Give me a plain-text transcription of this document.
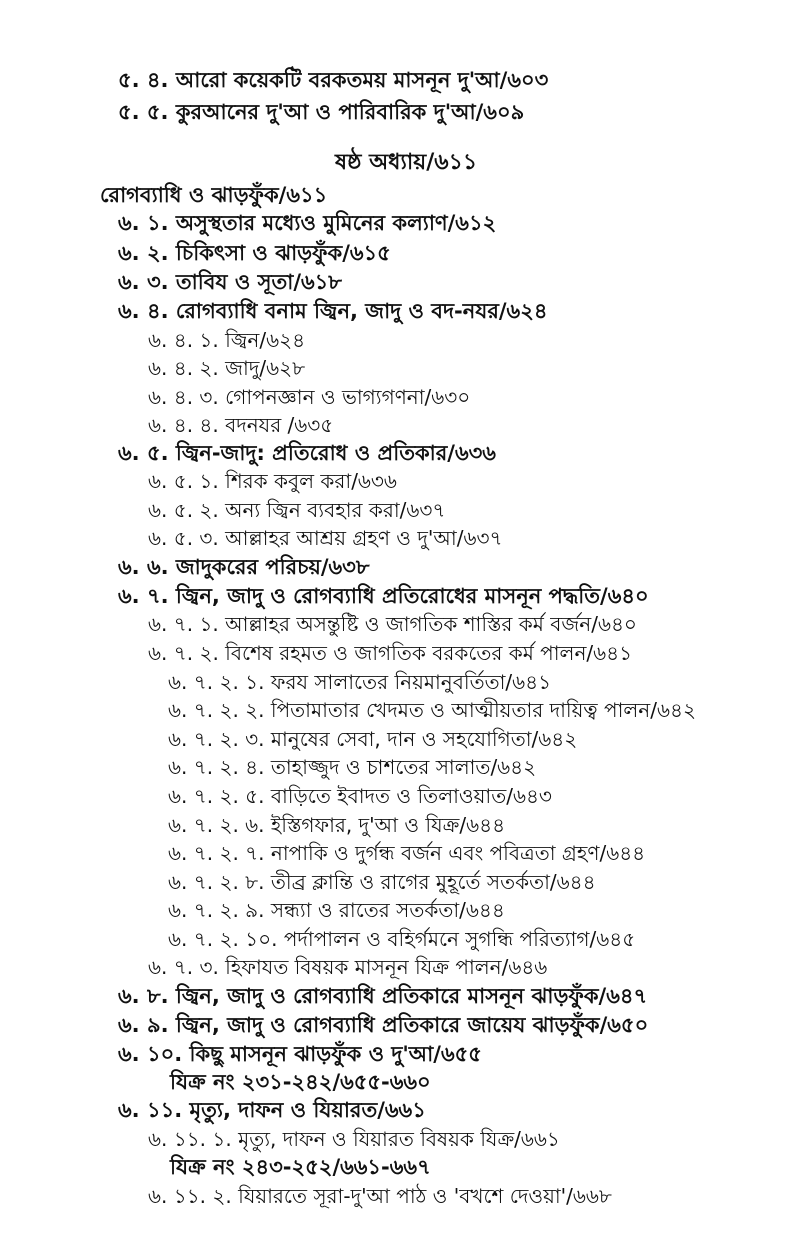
৫. ৪. আরো কয়েকটি বরকতময় মাসনূন দু'আ/৬০৩
৫. ৫. কুরআনের দু'আ ও পারিবারিক দু'আ/৬০৯
ষষ্ঠ অধ্যায়/৬১১
রোগব্যাধি ও ঝাড়ফুঁক/৬১১
৬. ১. অসুস্থতার মধ্যেও মুমিনের কল্যাণ/৬১২
৬. ২. চিকিৎসা ও ঝাড়ফুঁক/৬১৫
৬. ৩. তাবিয ও সূতা/৬১৮
৬. ৪. রোগব্যাধি বনাম জ্বিন, জাদু ও বদ-নযর/৬২৪
৬. ৪. ১. জ্বিন/৬২৪
৬. ৪. ২. জাদু/৬২৮
৬. ৪. ৩. গোপনজ্ঞান ও ভাগ্যগণনা/৬৩০
৬. ৪. ৪. বদনযর /৬৩৫
৬. ৫. জ্বিন-জাদু: প্রতিরোধ ও প্রতিকার/৬৩৬
৬. ৫. ১. শিরক কবুল করা/৬৩৬
৬. ৫. ২. অন্য জ্বিন ব্যবহার করা/৬৩৭
৬. ৫. ৩. আল্লাহর আশ্রয় গ্রহণ ও দু'আ/৬৩৭
৬. ৬. জাদুকরের পরিচয়/৬৩৮
৬. ৭. জ্বিন, জাদু ও রোগব্যাধি প্রতিরোধের মাসনূন পদ্ধতি/৬৪০
৬. ৭. ১. আল্লাহর অসন্তুষ্টি ও জাগতিক শাস্তির কর্ম বর্জন/৬৪০
৬. ৭. ২. বিশেষ রহমত ও জাগতিক বরকতের কর্ম পালন/৬৪১
৬. ৭. ২. ১. ফরয সালাতের নিয়মানুবর্তিতা/৬৪১
৬. ৭. ২. ২. পিতামাতার খেদমত ও আত্মীয়তার দায়িত্ব পালন/৬৪২
৬. ৭. ২. ৩. মানুষের সেবা, দান ও সহযোগিতা/৬৪২
৬. ৭. ২. ৪. তাহাজ্জুদ ও চাশতের সালাত/৬৪২
৬. ৭. ২. ৫. বাড়িতে ইবাদত ও তিলাওয়াত/৬৪৩
৬. ৭. ২. ৬. ইস্তিগফার, দু'আ ও যিক্র/৬৪৪
৬. ৭. ২. ৭. নাপাকি ও দুর্গন্ধ বর্জন এবং পবিত্রতা গ্রহণ/৬৪৪
৬. ৭. ২. ৮. তীব্র ক্লান্তি ও রাগের মুহূর্তে সতর্কতা/৬৪৪
৬. ৭. ২. ৯. সন্ধ্যা ও রাতের সতর্কতা/৬৪৪
৬. ৭. ২. ১০. পর্দাপালন ও বহির্গমনে সুগন্ধি পরিত্যাগ/৬৪৫
৬. ৭. ৩. হিফাযত বিষয়ক মাসনূন যিক্র পালন/৬৪৬
৬. ৮. জ্বিন, জাদু ও রোগব্যাধি প্রতিকারে মাসনূন ঝাড়ফুঁক/৬৪৭
৬. ৯. জ্বিন, জাদু ও রোগব্যাধি প্রতিকারে জায়েয ঝাড়ফুঁক/৬৫০
৬. ১০. কিছু মাসনূন ঝাড়ফুঁক ও দু'আ/৬৫৫
যিক্র নং ২৩১-২৪২/৬৫৫-৬৬০
৬. ১১. মৃত্যু, দাফন ও যিয়ারত/৬৬১
৬. ১১. ১. মৃত্যু, দাফন ও যিয়ারত বিষয়ক যিক্র/৬৬১
যিক্র নং ২৪৩-২৫২/৬৬১-৬৬৭
৬. ১১. ২. যিয়ারতে সূরা-দু'আ পাঠ ও 'বখশে দেওয়া'/৬৬৮
